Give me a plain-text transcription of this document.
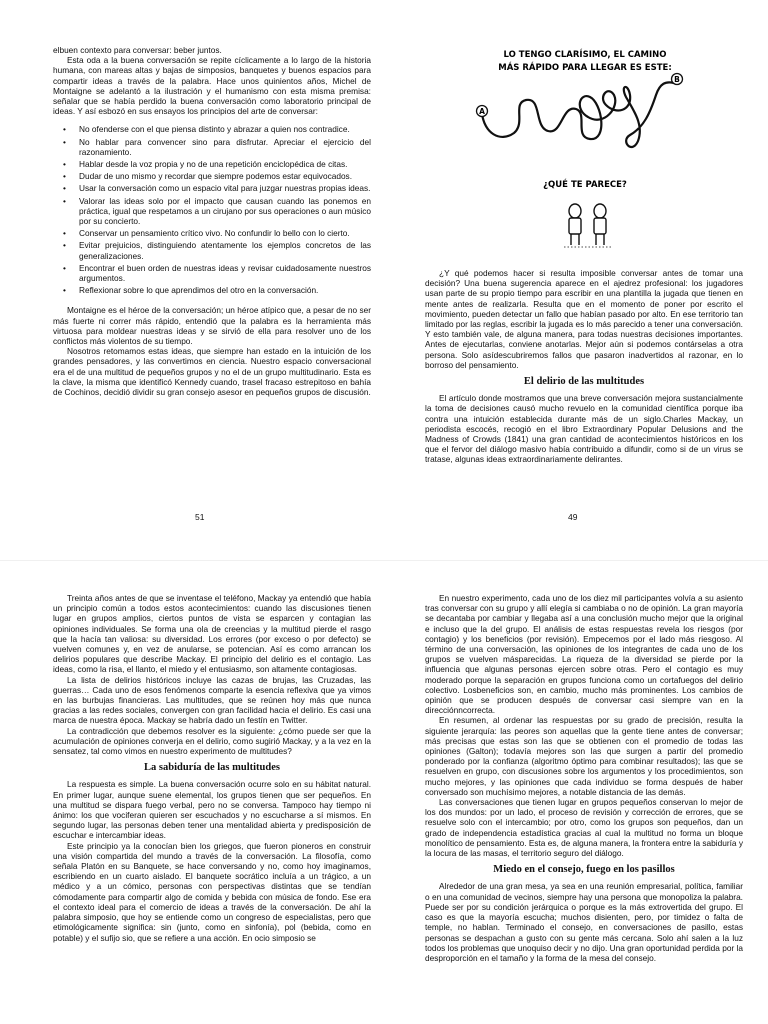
elbuen contexto para conversar: beber juntos.

Esta oda a la buena conversación se repite cíclicamente a lo largo de la historia humana, con mareas altas y bajas de simposios, banquetes y buenos espacios para compartir ideas a través de la palabra. Hace unos quinientos años, Michel de Montaigne se adelantó a la ilustración y el humanismo con esta misma premisa: señalar que se había perdido la buena conversación como laboratorio principal de ideas. Y así esbozó en sus ensayos los principios del arte de conversar:

• No ofenderse con el que piensa distinto y abrazar a quien nos contradice.
• No hablar para convencer sino para disfrutar. Apreciar el ejercicio del razonamiento.
• Hablar desde la voz propia y no de una repetición enciclopédica de citas.
• Dudar de uno mismo y recordar que siempre podemos estar equivocados.
• Usar la conversación como un espacio vital para juzgar nuestras propias ideas.
• Valorar las ideas solo por el impacto que causan cuando las ponemos en práctica, igual que respetamos a un cirujano por sus operaciones o aun músico por su concierto.
• Conservar un pensamiento crítico vivo. No confundir lo bello con lo cierto.
• Evitar prejuicios, distinguiendo atentamente los ejemplos concretos de las generalizaciones.
• Encontrar el buen orden de nuestras ideas y revisar cuidadosamente nuestros argumentos.
• Reflexionar sobre lo que aprendimos del otro en la conversación.

Montaigne es el héroe de la conversación; un héroe atípico que, a pesar de no ser más fuerte ni correr más rápido, entendió que la palabra es la herramienta más virtuosa para moldear nuestras ideas y se sirvió de ella para resolver uno de los conflictos más violentos de su tiempo.

Nosotros retomamos estas ideas, que siempre han estado en la intuición de los grandes pensadores, y las convertimos en ciencia. Nuestro espacio conversacional era el de una multitud de pequeños grupos y no el de un grupo multitudinario. Esta es la clave, la misma que identificó Kennedy cuando, trasel fracaso estrepitoso en bahía de Cochinos, decidió dividir su gran consejo asesor en pequeños grupos de discusión.

51
LO TENGO CLARÍSIMO, EL CAMINO
MÁS RÁPIDO PARA LLEGAR ES ESTE:
A
B
¿QUÉ TE PARECE?

¿Y qué podemos hacer si resulta imposible conversar antes de tomar una decisión? Una buena sugerencia aparece en el ajedrez profesional: los jugadores usan parte de su propio tiempo para escribir en una plantilla la jugada que tienen en mente antes de realizarla. Resulta que en el momento de poner por escrito el movimiento, pueden detectar un fallo que habían pasado por alto. En ese territorio tan limitado por las reglas, escribir la jugada es lo más parecido a tener una conversación. Y esto también vale, de alguna manera, para todas nuestras decisiones importantes. Antes de ejecutarlas, conviene anotarlas. Mejor aún si podemos contárselas a otra persona. Solo asídescubriremos fallos que pasaron inadvertidos al razonar, en lo borroso del pensamiento.

El delirio de las multitudes

El artículo donde mostramos que una breve conversación mejora sustancialmente la toma de decisiones causó mucho revuelo en la comunidad científica porque iba contra una intuición establecida durante más de un siglo.Charles Mackay, un periodista escocés, recogió en el libro Extraordinary Popular Delusions and the Madness of Crowds (1841) una gran cantidad de acontecimientos históricos en los que el fervor del diálogo masivo había contribuido a difundir, como si de un virus se tratase, algunas ideas extraordinariamente delirantes.

49

Treinta años antes de que se inventase el teléfono, Mackay ya entendió que había un principio común a todos estos acontecimientos: cuando las discusiones tienen lugar en grupos amplios, ciertos puntos de vista se esparcen y contagian las opiniones individuales. Se forma una ola de creencias y la multitud pierde el rasgo que la hacía tan valiosa: su diversidad. Los errores (por exceso o por defecto) se vuelven comunes y, en vez de anularse, se potencian. Así es como arrancan los delirios populares que describe Mackay. El principio del delirio es el contagio. Las ideas, como la risa, el llanto, el miedo y el entusiasmo, son altamente contagiosas.

La lista de delirios históricos incluye las cazas de brujas, las Cruzadas, las guerras… Cada uno de esos fenómenos comparte la esencia reflexiva que ya vimos en las burbujas financieras. Las multitudes, que se reúnen hoy más que nunca gracias a las redes sociales, convergen con gran facilidad hacia el delirio. Es casi una marca de nuestra época. Mackay se habría dado un festín en Twitter.

La contradicción que debemos resolver es la siguiente: ¿cómo puede ser que la acumulación de opiniones converja en el delirio, como sugirió Mackay, y a la vez en la sensatez, tal como vimos en nuestro experimento de multitudes?

La sabiduría de las multitudes

La respuesta es simple. La buena conversación ocurre solo en su hábitat natural. En primer lugar, aunque suene elemental, los grupos tienen que ser pequeños. En una multitud se dispara fuego verbal, pero no se conversa. Tampoco hay tiempo ni ánimo: los que vociferan quieren ser escuchados y no escucharse a sí mismos. En segundo lugar, las personas deben tener una mentalidad abierta y predisposición de escuchar e intercambiar ideas.

Este principio ya la conocían bien los griegos, que fueron pioneros en construir una visión compartida del mundo a través de la conversación. La filosofía, como señala Platón en su Banquete, se hace conversando y no, como hoy imaginamos, escribiendo en un cuarto aislado. El banquete socrático incluía a un trágico, a un médico y a un cómico, personas con perspectivas distintas que se tendían cómodamente para compartir algo de comida y bebida con música de fondo. Ese era el contexto ideal para el comercio de ideas a través de la conversación. De ahí la palabra simposio, que hoy se entiende como un congreso de especialistas, pero que etimológicamente significa: sin (junto, como en sinfonía), pol (bebida, como en potable) y el sufijo sio, que se refiere a una acción. En ocio simposio se

En nuestro experimento, cada uno de los diez mil participantes volvía a su asiento tras conversar con su grupo y allí elegía si cambiaba o no de opinión. La gran mayoría se decantaba por cambiar y llegaba así a una conclusión mucho mejor que la original e incluso que la del grupo. El análisis de estas respuestas revela los riesgos (por contagio) y los beneficios (por revisión). Empecemos por el lado más riesgoso. Al término de una conversación, las opiniones de los integrantes de cada uno de los grupos se vuelven másparecidas. La riqueza de la diversidad se pierde por la influencia que algunas personas ejercen sobre otras. Pero el contagio es muy moderado porque la separación en grupos funciona como un cortafuegos del delirio colectivo. Losbeneficios son, en cambio, mucho más prominentes. Los cambios de opinión que se producen después de conversar casi siempre van en la direcciónncorrecta.

En resumen, al ordenar las respuestas por su grado de precisión, resulta la siguiente jerarquía: las peores son aquellas que la gente tiene antes de conversar; más precisas que estas son las que se obtienen con el promedio de todas las opiniones (Galton); todavía mejores son las que surgen a partir del promedio ponderado por la confianza (algoritmo óptimo para combinar resultados); las que se resuelven en grupo, con discusiones sobre los argumentos y los procedimientos, son mucho mejores, y las opiniones que cada individuo se forma después de haber conversado son muchísimo mejores, a notable distancia de las demás.

Las conversaciones que tienen lugar en grupos pequeños conservan lo mejor de los dos mundos: por un lado, el proceso de revisión y corrección de errores, que se resuelve solo con el intercambio; por otro, como los grupos son pequeños, dan un grado de independencia estadística gracias al cual la multitud no forma un bloque monolítico de pensamiento. Esta es, de alguna manera, la frontera entre la sabiduría y la locura de las masas, el territorio seguro del diálogo.

Miedo en el consejo, fuego en los pasillos

Alrededor de una gran mesa, ya sea en una reunión empresarial, política, familiar o en una comunidad de vecinos, siempre hay una persona que monopoliza la palabra. Puede ser por su condición jerárquica o porque es la más extrovertida del grupo. El caso es que la mayoría escucha; muchos disienten, pero, por timidez o falta de temple, no hablan. Terminado el consejo, en conversaciones de pasillo, estas personas se despachan a gusto con su gente más cercana. Solo ahí salen a la luz todos los problemas que unoquiso decir y no dijo. Una gran oportunidad perdida por la desproporción en el tamaño y la forma de la mesa del consejo.
